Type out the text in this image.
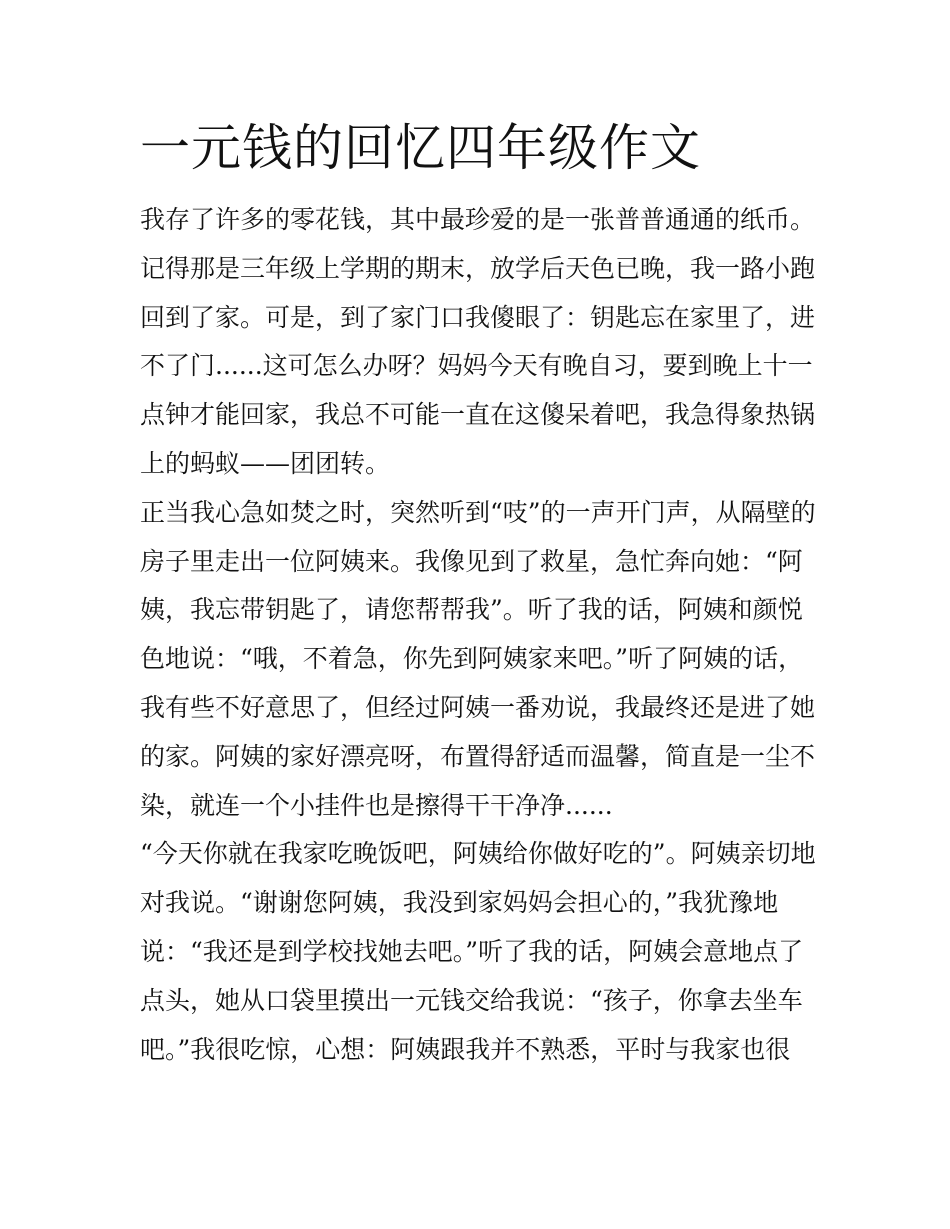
一元钱的回忆四年级作文
我存了许多的零花钱，其中最珍爱的是一张普普通通的纸币。
记得那是三年级上学期的期末，放学后天色已晚，我一路小跑
回到了家。可是，到了家门口我傻眼了：钥匙忘在家里了，进
不了门......这可怎么办呀？妈妈今天有晚自习，要到晚上十一
点钟才能回家，我总不可能一直在这傻呆着吧，我急得象热锅
上的蚂蚁——团团转。
正当我心急如焚之时，突然听到“吱”的一声开门声，从隔壁的
房子里走出一位阿姨来。我像见到了救星，急忙奔向她：“阿
姨，我忘带钥匙了，请您帮帮我”。听了我的话，阿姨和颜悦
色地说：“哦，不着急，你先到阿姨家来吧。”听了阿姨的话，
我有些不好意思了，但经过阿姨一番劝说，我最终还是进了她
的家。阿姨的家好漂亮呀，布置得舒适而温馨，简直是一尘不
染，就连一个小挂件也是擦得干干净净......
“今天你就在我家吃晚饭吧，阿姨给你做好吃的”。阿姨亲切地
对我说。“谢谢您阿姨，我没到家妈妈会担心的，”我犹豫地
说：“我还是到学校找她去吧。”听了我的话，阿姨会意地点了
点头，她从口袋里摸出一元钱交给我说：“孩子，你拿去坐车
吧。”我很吃惊，心想：阿姨跟我并不熟悉，平时与我家也很
